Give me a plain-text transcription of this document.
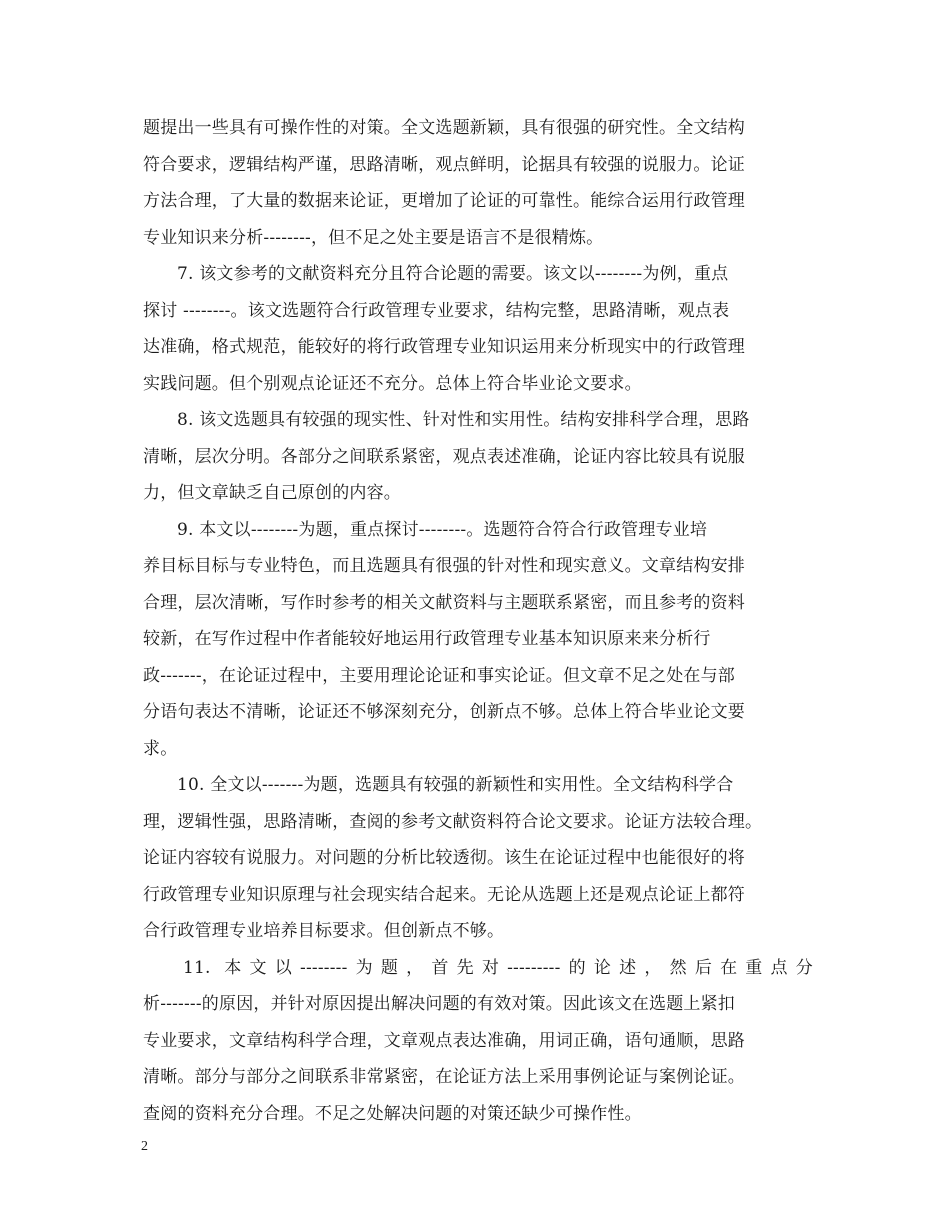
题提出一些具有可操作性的对策。全文选题新颖，具有很强的研究性。全文结构
符合要求，逻辑结构严谨，思路清晰，观点鲜明，论据具有较强的说服力。论证
方法合理，了大量的数据来论证，更增加了论证的可靠性。能综合运用行政管理
专业知识来分析--------，但不足之处主要是语言不是很精炼。
7. 该文参考的文献资料充分且符合论题的需要。该文以--------为例，重点
探讨 --------。该文选题符合行政管理专业要求，结构完整，思路清晰，观点表
达准确，格式规范，能较好的将行政管理专业知识运用来分析现实中的行政管理
实践问题。但个别观点论证还不充分。总体上符合毕业论文要求。
8. 该文选题具有较强的现实性、针对性和实用性。结构安排科学合理，思路
清晰，层次分明。各部分之间联系紧密，观点表述准确，论证内容比较具有说服
力，但文章缺乏自己原创的内容。
9. 本文以--------为题，重点探讨--------。选题符合符合行政管理专业培
养目标目标与专业特色，而且选题具有很强的针对性和现实意义。文章结构安排
合理，层次清晰，写作时参考的相关文献资料与主题联系紧密，而且参考的资料
较新，在写作过程中作者能较好地运用行政管理专业基本知识原来来分析行
政-------，在论证过程中，主要用理论论证和事实论证。但文章不足之处在与部
分语句表达不清晰，论证还不够深刻充分，创新点不够。总体上符合毕业论文要
求。
10. 全文以-------为题，选题具有较强的新颖性和实用性。全文结构科学合
理，逻辑性强，思路清晰，查阅的参考文献资料符合论文要求。论证方法较合理。
论证内容较有说服力。对问题的分析比较透彻。该生在论证过程中也能很好的将
行政管理专业知识原理与社会现实结合起来。无论从选题上还是观点论证上都符
合行政管理专业培养目标要求。但创新点不够。
11. 本文以--------为题，首先对---------的论述，然后在重点分
析-------的原因，并针对原因提出解决问题的有效对策。因此该文在选题上紧扣
专业要求，文章结构科学合理，文章观点表达准确，用词正确，语句通顺，思路
清晰。部分与部分之间联系非常紧密，在论证方法上采用事例论证与案例论证。
查阅的资料充分合理。不足之处解决问题的对策还缺少可操作性。
2
